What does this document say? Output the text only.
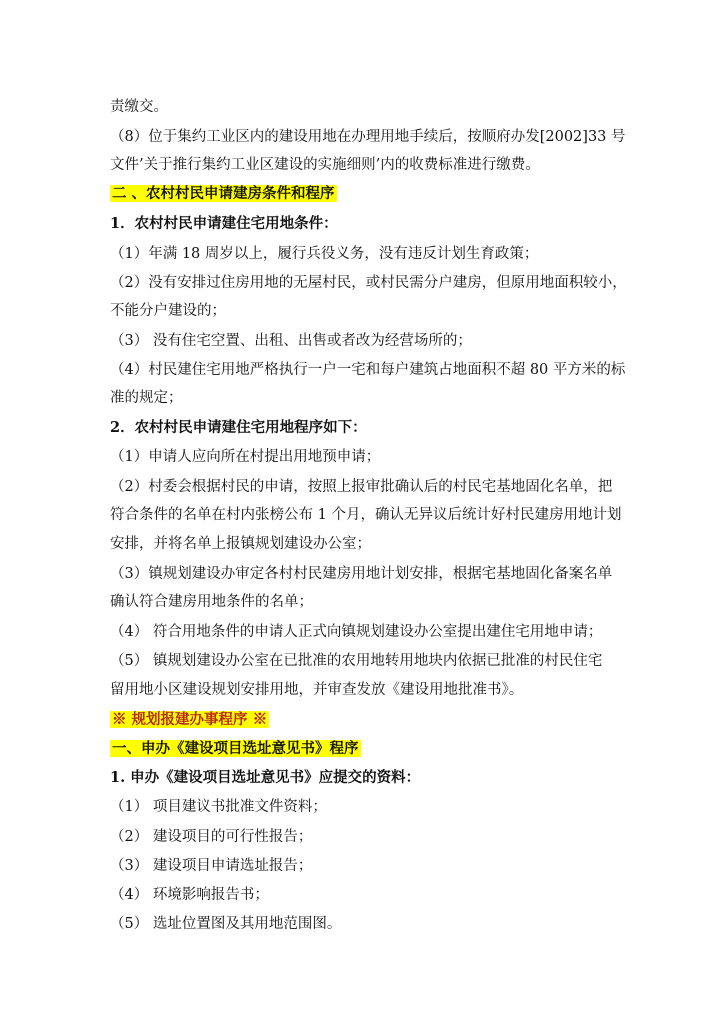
责缴交。
（8）位于集约工业区内的建设用地在办理用地手续后，按顺府办发[2002]33 号
文件’关于推行集约工业区建设的实施细则’内的收费标准进行缴费。
二 、农村村民申请建房条件和程序
1．农村村民申请建住宅用地条件：
（1）年满 18 周岁以上，履行兵役义务，没有违反计划生育政策；
（2）没有安排过住房用地的无屋村民，或村民需分户建房，但原用地面积较小，
不能分户建设的；
（3） 没有住宅空置、出租、出售或者改为经营场所的；
（4）村民建住宅用地严格执行一户一宅和每户建筑占地面积不超 80 平方米的标
准的规定；
2．农村村民申请建住宅用地程序如下：
（1）申请人应向所在村提出用地预申请；
（2）村委会根据村民的申请，按照上报审批确认后的村民宅基地固化名单，把
符合条件的名单在村内张榜公布 1 个月，确认无异议后统计好村民建房用地计划
安排，并将名单上报镇规划建设办公室；
（3）镇规划建设办审定各村村民建房用地计划安排，根据宅基地固化备案名单
确认符合建房用地条件的名单；
（4） 符合用地条件的申请人正式向镇规划建设办公室提出建住宅用地申请；
（5） 镇规划建设办公室在已批准的农用地转用地块内依据已批准的村民住宅
留用地小区建设规划安排用地，并审查发放《建设用地批准书》。
※ 规划报建办事程序 ※
一、申办《建设项目选址意见书》程序
1. 申办《建设项目选址意见书》应提交的资料：
（1） 项目建议书批准文件资料；
（2） 建设项目的可行性报告；
（3） 建设项目申请选址报告；
（4） 环境影响报告书；
（5） 选址位置图及其用地范围图。
